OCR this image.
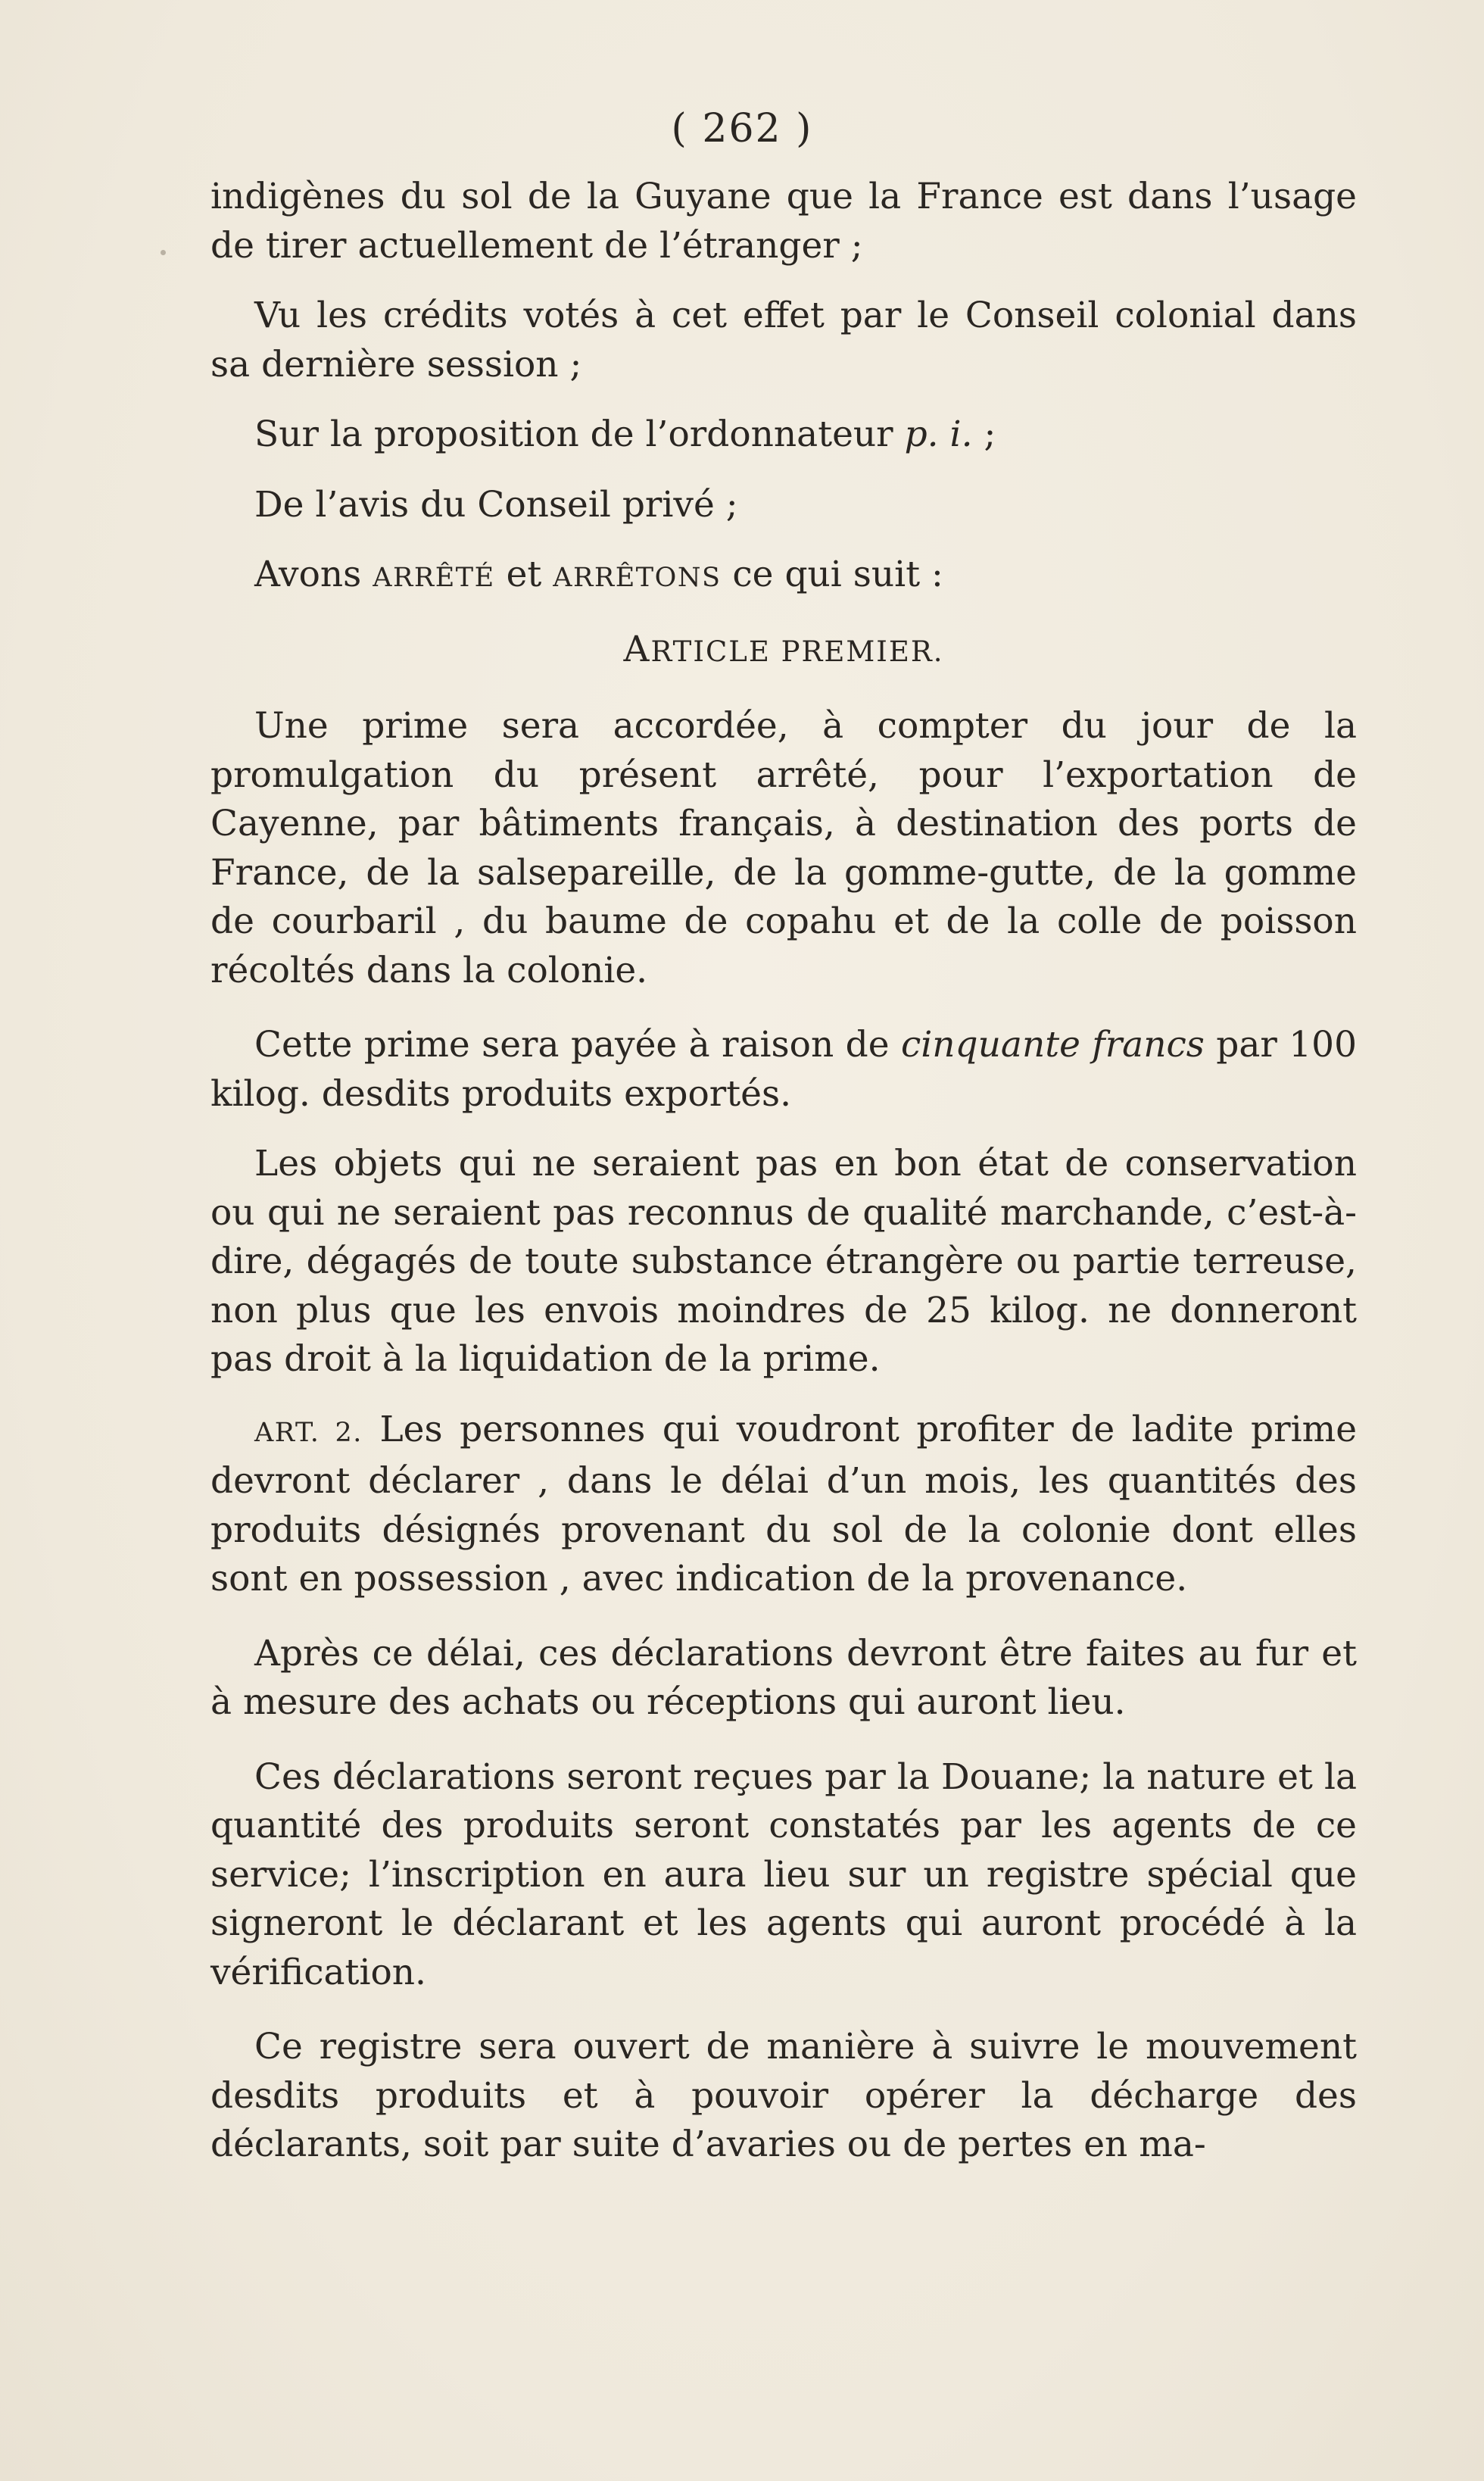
( 262 )

indigènes du sol de la Guyane que la France est dans l’usage de tirer actuellement de l’étranger ;

Vu les crédits votés à cet effet par le Conseil colonial dans sa dernière session ;

Sur la proposition de l’ordonnateur p. i. ;

De l’avis du Conseil privé ;

Avons ARRÊTÉ et ARRÊTONS ce qui suit :

ARTICLE PREMIER.

Une prime sera accordée, à compter du jour de la promulgation du présent arrêté, pour l’exportation de Cayenne, par bâtiments français, à destination des ports de France, de la salsepareille, de la gomme-gutte, de la gomme de courbaril , du baume de copahu et de la colle de poisson récoltés dans la colonie.

Cette prime sera payée à raison de cinquante francs par 100 kilog. desdits produits exportés.

Les objets qui ne seraient pas en bon état de conservation ou qui ne seraient pas reconnus de qualité marchande, c’est-à-dire, dégagés de toute substance étrangère ou partie terreuse, non plus que les envois moindres de 25 kilog. ne donneront pas droit à la liquidation de la prime.

ART. 2. Les personnes qui voudront profiter de ladite prime devront déclarer , dans le délai d’un mois, les quantités des produits désignés provenant du sol de la colonie dont elles sont en possession , avec indication de la provenance.

Après ce délai, ces déclarations devront être faites au fur et à mesure des achats ou réceptions qui auront lieu.

Ces déclarations seront reçues par la Douane; la nature et la quantité des produits seront constatés par les agents de ce service; l’inscription en aura lieu sur un registre spécial que signeront le déclarant et les agents qui auront procédé à la vérification.

Ce registre sera ouvert de manière à suivre le mouvement desdits produits et à pouvoir opérer la décharge des déclarants, soit par suite d’avaries ou de pertes en ma-
